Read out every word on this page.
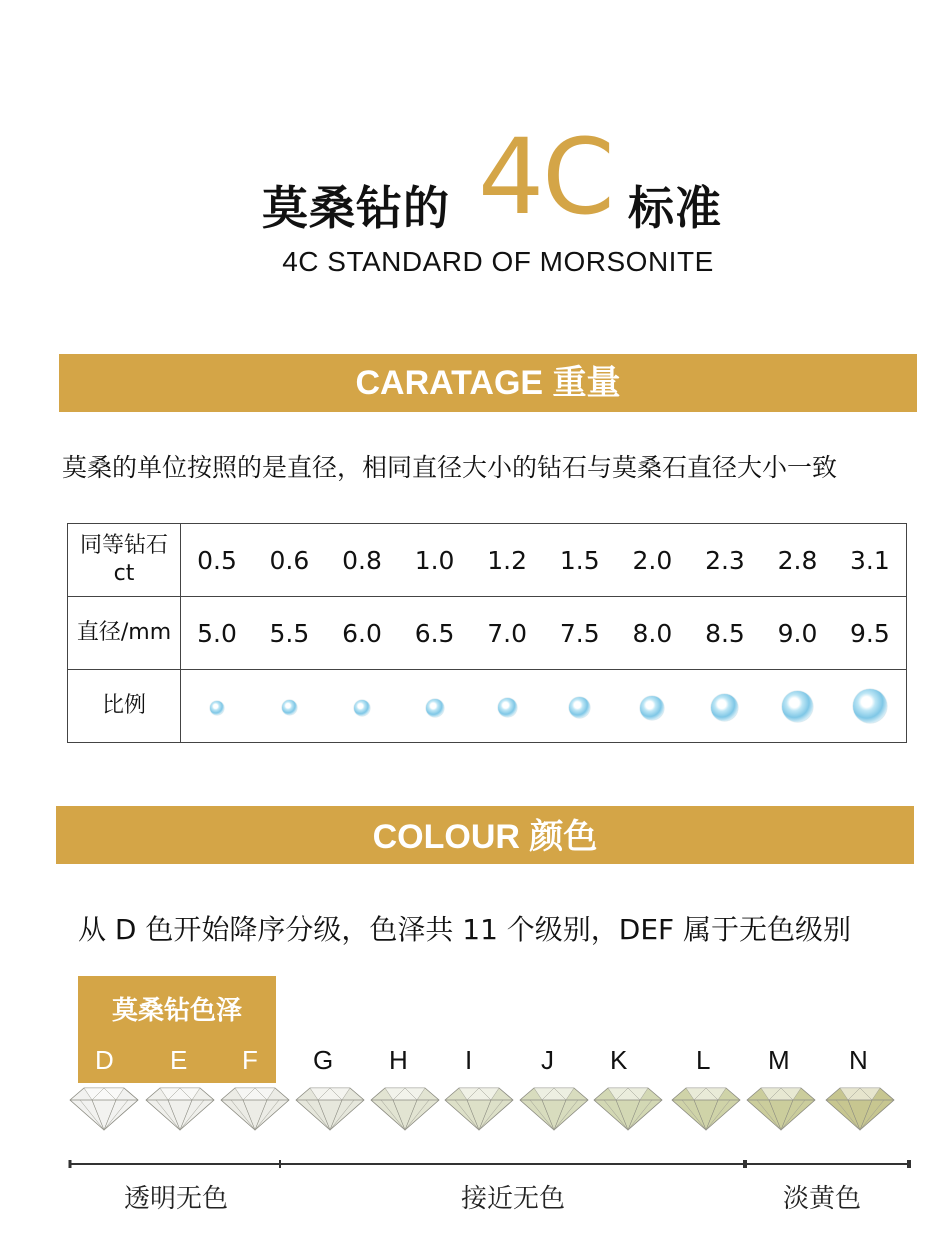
莫桑钻的 4C 标准
4C STANDARD OF MORSONITE
CARATAGE 重量
莫桑的单位按照的是直径，相同直径大小的钻石与莫桑石直径大小一致
同等钻石
ct	0.5	0.6	0.8	1.0	1.2	1.5	2.0	2.3	2.8	3.1
直径/mm	5.0	5.5	6.0	6.5	7.0	7.5	8.0	8.5	9.0	9.5
比例										
COLOUR 颜色
从 D 色开始降序分级，色泽共 11 个级别，DEF 属于无色级别
莫桑钻色泽
D E F G H I	J K	L M N
透明无色	接近无色	淡黄色
